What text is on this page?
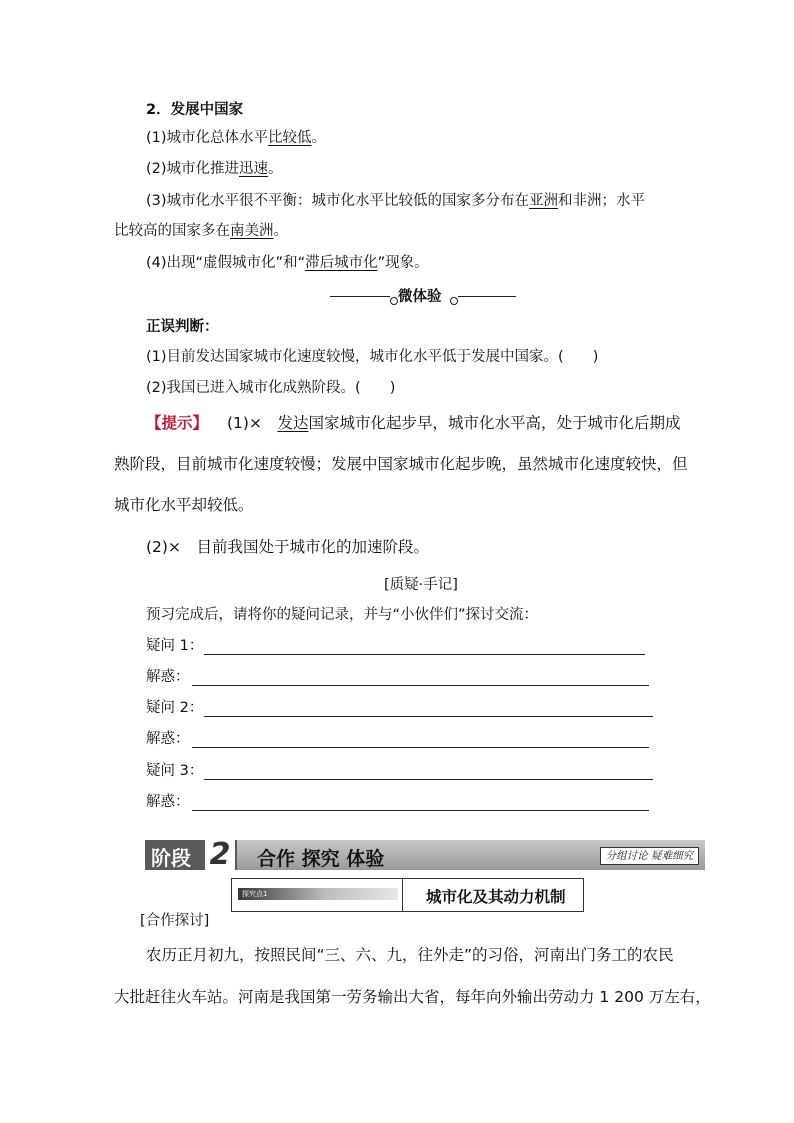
2．发展中国家
(1)城市化总体水平比较低。
(2)城市化推进迅速。
(3)城市化水平很不平衡：城市化水平比较低的国家多分布在亚洲和非洲；水平
比较高的国家多在南美洲。
(4)出现“虚假城市化”和“滞后城市化”现象。
微体验
正误判断：
(1)目前发达国家城市化速度较慢，城市化水平低于发展中国家。(　　)
(2)我国已进入城市化成熟阶段。(　　)
【提示】 (1)×　发达国家城市化起步早，城市化水平高，处于城市化后期成
熟阶段，目前城市化速度较慢；发展中国家城市化起步晚，虽然城市化速度较快，但
城市化水平却较低。
(2)×　目前我国处于城市化的加速阶段。
[质疑·手记]
预习完成后，请将你的疑问记录，并与“小伙伴们”探讨交流：
疑问 1：
解惑：
疑问 2：
解惑：
疑问 3：
解惑：
阶段 2 合作 探究 体验	分组讨论 疑难细究
探究点1	城市化及其动力机制
[合作探讨]
农历正月初九，按照民间“三、六、九，往外走”的习俗，河南出门务工的农民
大批赶往火车站。河南是我国第一劳务输出大省，每年向外输出劳动力 1 200 万左右，
